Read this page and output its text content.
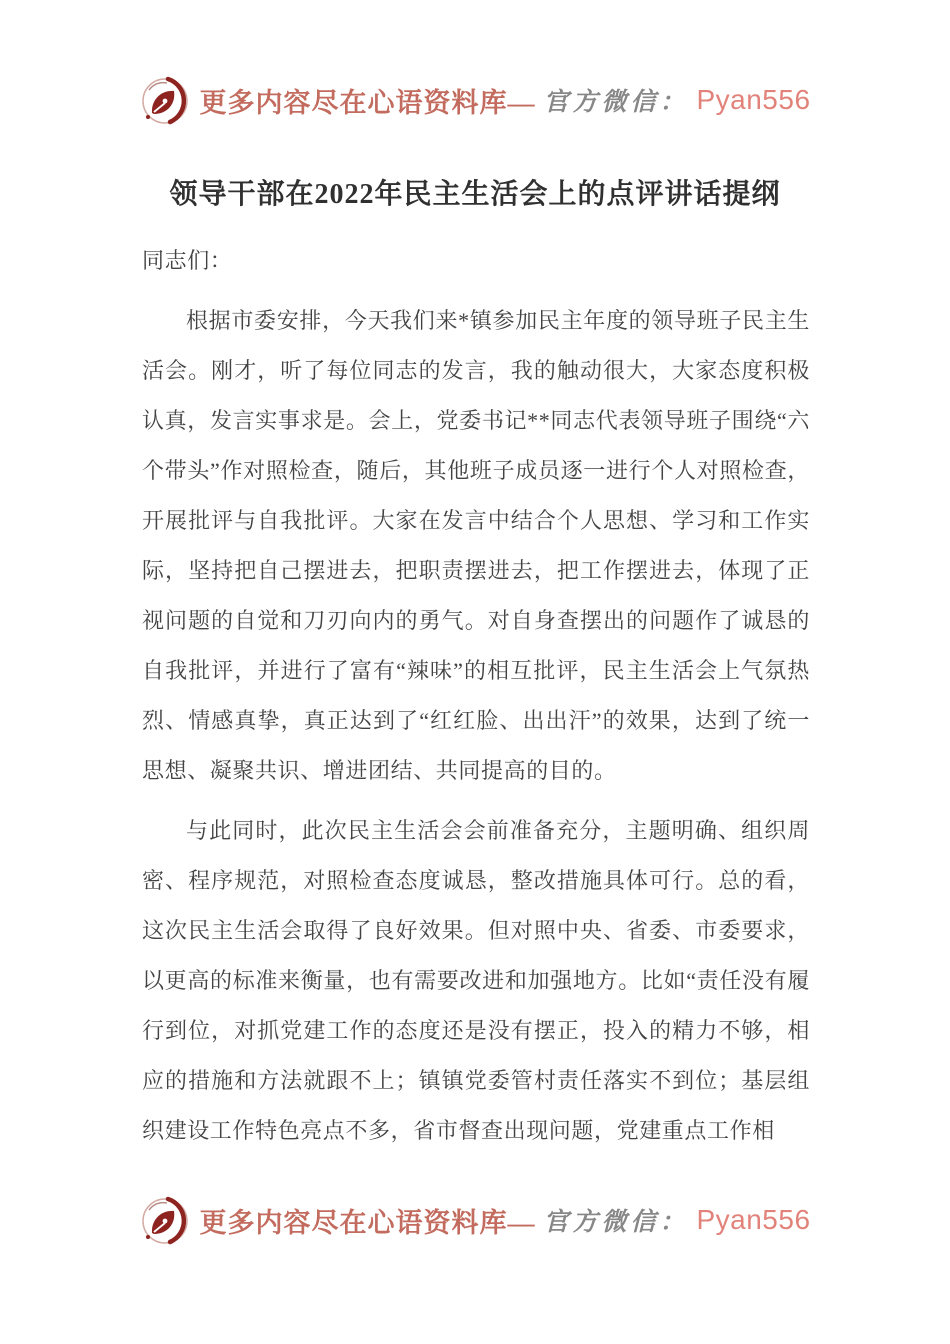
更多内容尽在心语资料库— 官方微信： Pyan556
领导干部在2022年民主生活会上的点评讲话提纲

同志们：

根据市委安排，今天我们来*镇参加民主年度的领导班子民主生活会。刚才，听了每位同志的发言，我的触动很大，大家态度积极认真，发言实事求是。会上，党委书记**同志代表领导班子围绕“六个带头”作对照检查，随后，其他班子成员逐一进行个人对照检查，开展批评与自我批评。大家在发言中结合个人思想、学习和工作实际，坚持把自己摆进去，把职责摆进去，把工作摆进去，体现了正视问题的自觉和刀刃向内的勇气。对自身查摆出的问题作了诚恳的自我批评，并进行了富有“辣味”的相互批评，民主生活会上气氛热烈、情感真挚，真正达到了“红红脸、出出汗”的效果，达到了统一思想、凝聚共识、增进团结、共同提高的目的。

与此同时，此次民主生活会会前准备充分，主题明确、组织周密、程序规范，对照检查态度诚恳，整改措施具体可行。总的看，这次民主生活会取得了良好效果。但对照中央、省委、市委要求，以更高的标准来衡量，也有需要改进和加强地方。比如“责任没有履行到位，对抓党建工作的态度还是没有摆正，投入的精力不够，相应的措施和方法就跟不上；镇镇党委管村责任落实不到位；基层组织建设工作特色亮点不多，省市督查出现问题，党建重点工作相

更多内容尽在心语资料库— 官方微信： Pyan556
